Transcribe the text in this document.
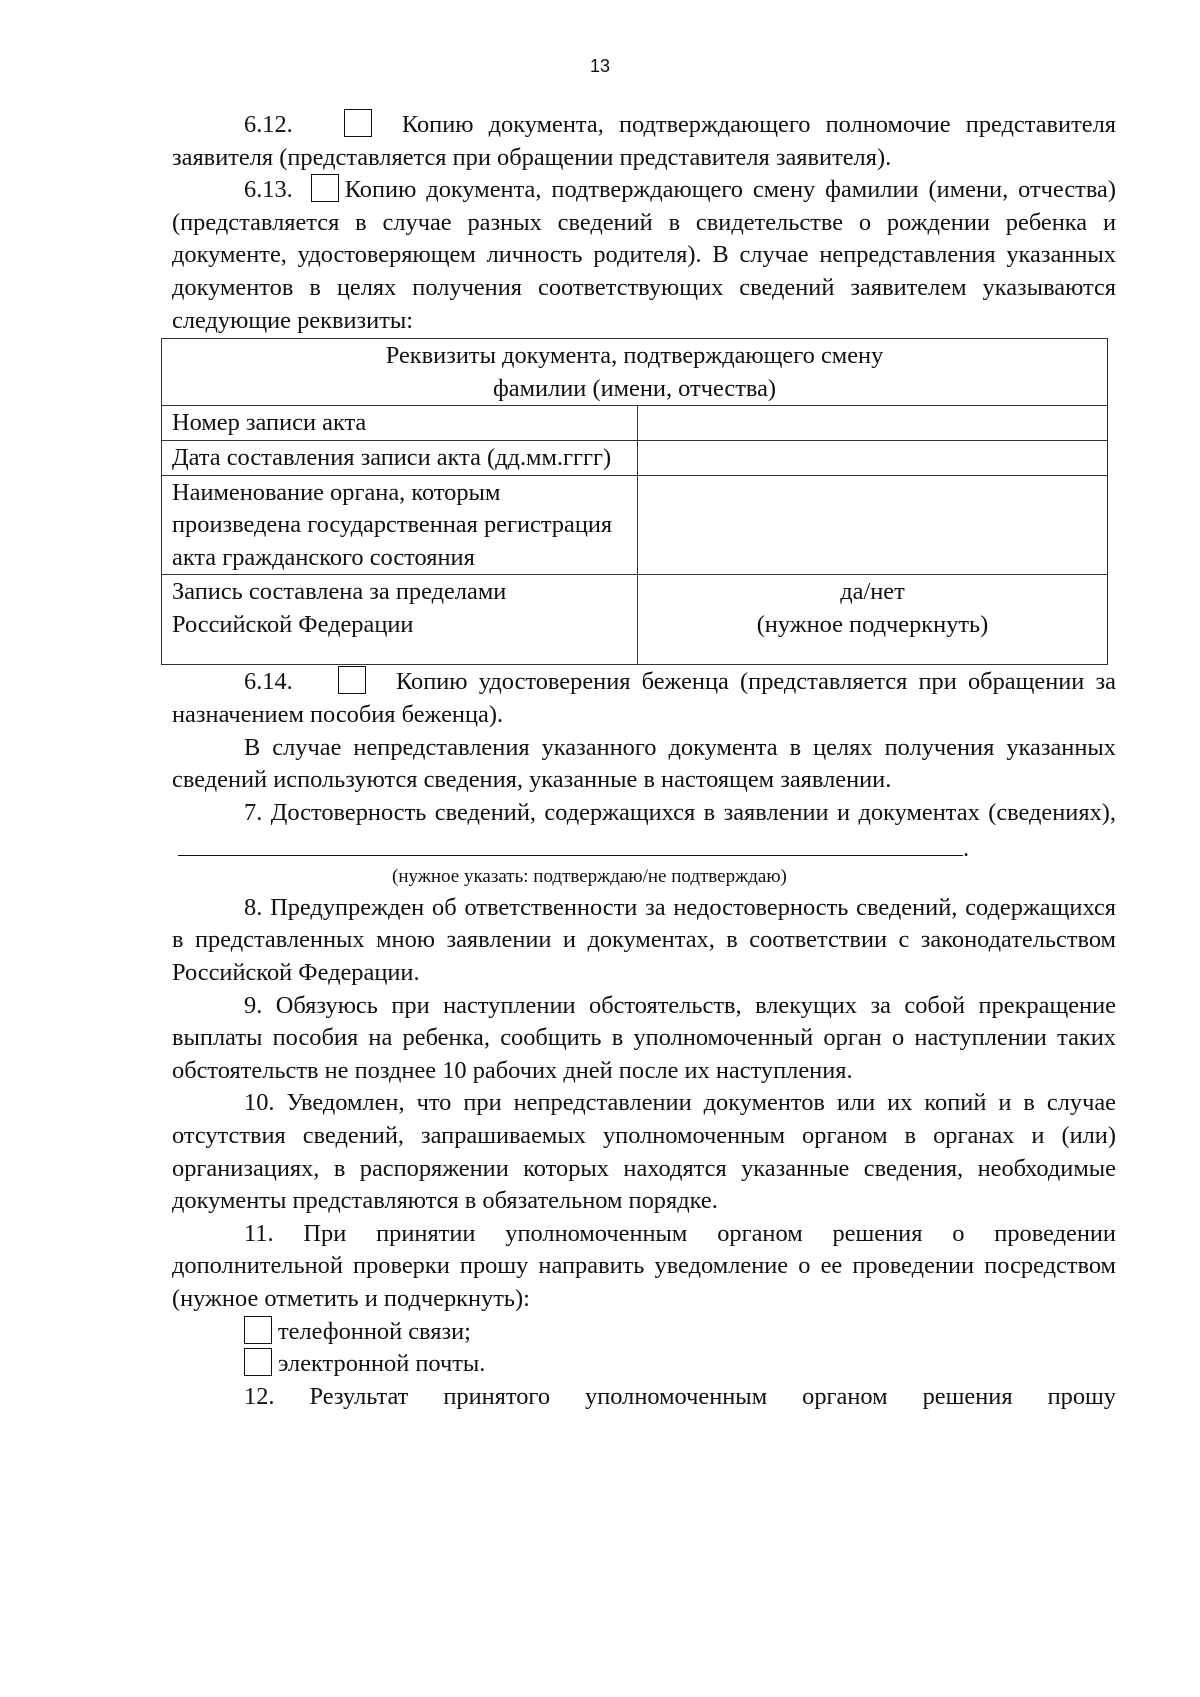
13

6.12.	Копию документа, подтверждающего полномочие представителя заявителя (представляется при обращении представителя заявителя).

6.13. Копию документа, подтверждающего смену фамилии (имени, отчества) (представляется в случае разных сведений в свидетельстве о рождении ребенка и документе, удостоверяющем личность родителя). В случае непредставления указанных документов в целях получения соответствующих сведений заявителем указываются следующие реквизиты:

Реквизиты документа, подтверждающего смену
фамилии (имени, отчества)	

Номер записи акта	
Дата составления записи акта (дд.мм.гггг)	
Наименование органа, которым произведена государственная регистрация акта гражданского состояния	
Запись составлена за пределами Российской Федерации	да/нет
(нужное подчеркнуть)

6.14.	Копию удостоверения беженца (представляется при обращении за назначением пособия беженца).

В случае непредставления указанного документа в целях получения указанных сведений используются сведения, указанные в настоящем заявлении.

7. Достоверность сведений, содержащихся в заявлении и документах (сведениях),.

(нужное указать: подтверждаю/не подтверждаю)

8. Предупрежден об ответственности за недостоверность сведений, содержащихся в представленных мною заявлении и документах, в соответствии с законодательством Российской Федерации.

9. Обязуюсь при наступлении обстоятельств, влекущих за собой прекращение выплаты пособия на ребенка, сообщить в уполномоченный орган о наступлении таких обстоятельств не позднее 10 рабочих дней после их наступления.

10. Уведомлен, что при непредставлении документов или их копий и в случае отсутствия сведений, запрашиваемых уполномоченным органом в органах и (или) организациях, в распоряжении которых находятся указанные сведения, необходимые документы представляются в обязательном порядке.

11. При принятии уполномоченным органом решения о проведении дополнительной проверки прошу направить уведомление о ее проведении посредством (нужное отметить и подчеркнуть):

телефонной связи;
электронной почты.

12. Результат принятого уполномоченным органом решения прошу
